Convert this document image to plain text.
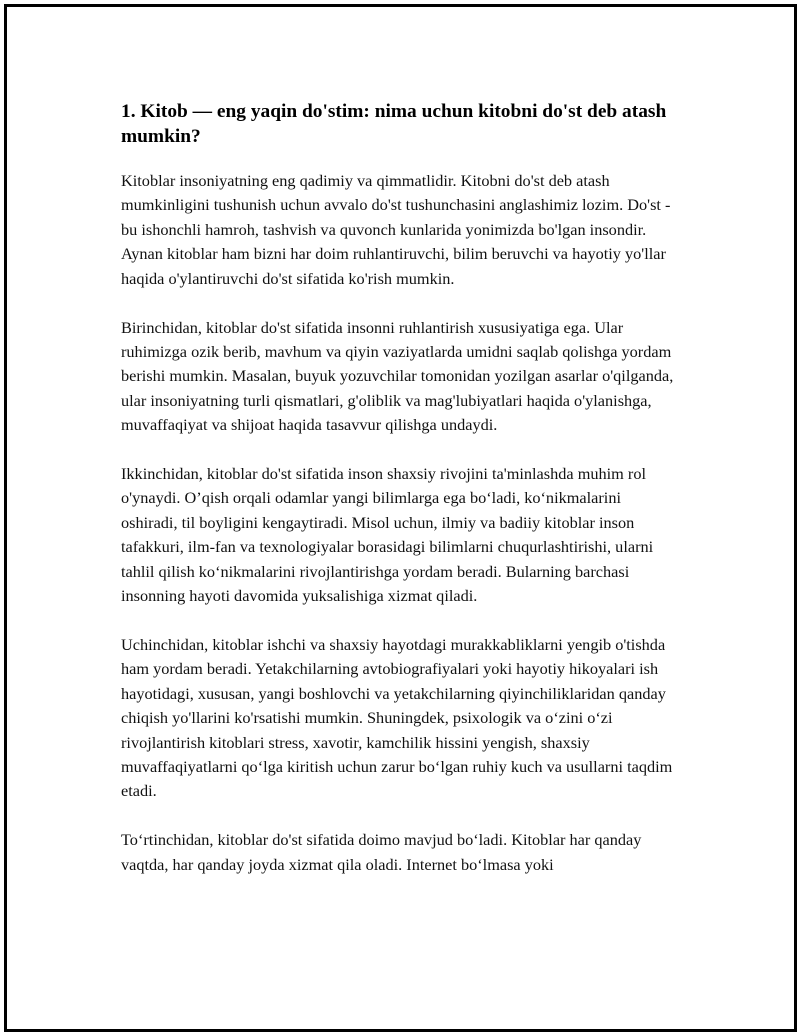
1. Kitob — eng yaqin do'stim: nima uchun kitobni do'st deb atash mumkin?

Kitoblar insoniyatning eng qadimiy va qimmatlidir. Kitobni do'st deb atash mumkinligini tushunish uchun avvalo do'st tushunchasini anglashimiz lozim. Do'st - bu ishonchli hamroh, tashvish va quvonch kunlarida yonimizda bo'lgan insondir. Aynan kitoblar ham bizni har doim ruhlantiruvchi, bilim beruvchi va hayotiy yo'llar haqida o'ylantiruvchi do'st sifatida ko'rish mumkin.

Birinchidan, kitoblar do'st sifatida insonni ruhlantirish xususiyatiga ega. Ular ruhimizga ozik berib, mavhum va qiyin vaziyatlarda umidni saqlab qolishga yordam berishi mumkin. Masalan, buyuk yozuvchilar tomonidan yozilgan asarlar o'qilganda, ular insoniyatning turli qismatlari, g'oliblik va mag'lubiyatlari haqida o'ylanishga, muvaffaqiyat va shijoat haqida tasavvur qilishga undaydi.

Ikkinchidan, kitoblar do'st sifatida inson shaxsiy rivojini ta'minlashda muhim rol o'ynaydi. O’qish orqali odamlar yangi bilimlarga ega bo‘ladi, ko‘nikmalarini oshiradi, til boyligini kengaytiradi. Misol uchun, ilmiy va badiiy kitoblar inson tafakkuri, ilm-fan va texnologiyalar borasidagi bilimlarni chuqurlashtirishi, ularni tahlil qilish ko‘nikmalarini rivojlantirishga yordam beradi. Bularning barchasi insonning hayoti davomida yuksalishiga xizmat qiladi.

Uchinchidan, kitoblar ishchi va shaxsiy hayotdagi murakkabliklarni yengib o'tishda ham yordam beradi. Yetakchilarning avtobiografiyalari yoki hayotiy hikoyalari ish hayotidagi, xususan, yangi boshlovchi va yetakchilarning qiyinchiliklaridan qanday chiqish yo'llarini ko'rsatishi mumkin. Shuningdek, psixologik va o‘zini o‘zi rivojlantirish kitoblari stress, xavotir, kamchilik hissini yengish, shaxsiy muvaffaqiyatlarni qo‘lga kiritish uchun zarur bo‘lgan ruhiy kuch va usullarni taqdim etadi.

To‘rtinchidan, kitoblar do'st sifatida doimo mavjud bo‘ladi. Kitoblar har qanday vaqtda, har qanday joyda xizmat qila oladi. Internet bo‘lmasa yoki
